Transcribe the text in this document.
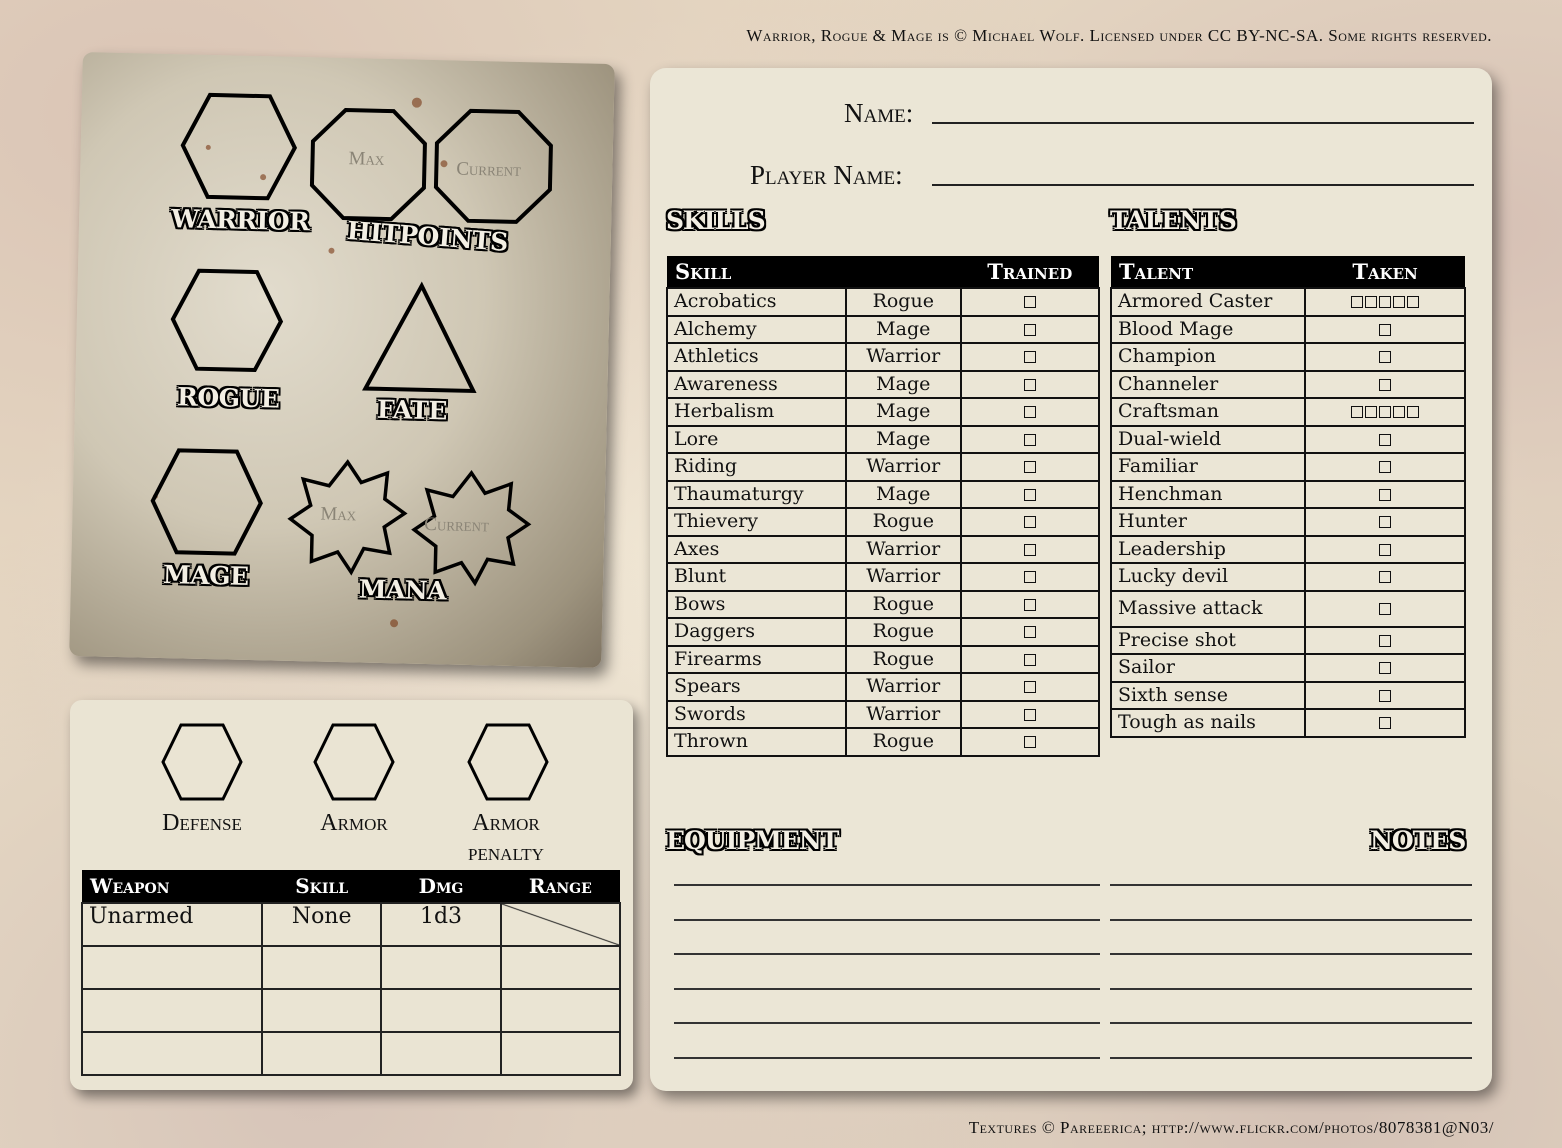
Warrior, Rogue & Mage is © Michael Wolf. Licensed under CC BY-NC-SA. Some rights reserved.
Max	Current
WARRIOR HITPOINTS
ROGUE	FATE
Max	Current
MAGE	MANA
Defense	Armor	Armor penalty
Weapon	Skill	Dmg	Range
Unarmed	None	1d3	

Name:
Player Name:
SKILLS	TALENTS
Skill		Trained
Acrobatics	Rogue	
Alchemy	Mage	
Athletics	Warrior	
Awareness	Mage	
Herbalism	Mage	
Lore	Mage	
Riding	Warrior	
Thaumaturgy	Mage	
Thievery	Rogue	
Axes	Warrior	
Blunt	Warrior	
Bows	Rogue	
Daggers	Rogue	
Firearms	Rogue	
Spears	Warrior	
Swords	Warrior	
Thrown	Rogue	
Talent	Taken
Armored Caster	
Blood Mage	
Champion	
Channeler	
Craftsman	
Dual-wield	
Familiar	
Henchman	
Hunter	
Leadership	
Lucky devil	
Massive attack	
Precise shot	
Sailor	
Sixth sense	
Tough as nails	
EQUIPMENT	NOTES
Textures © Pareeerica; http://www.flickr.com/photos/8078381@N03/
